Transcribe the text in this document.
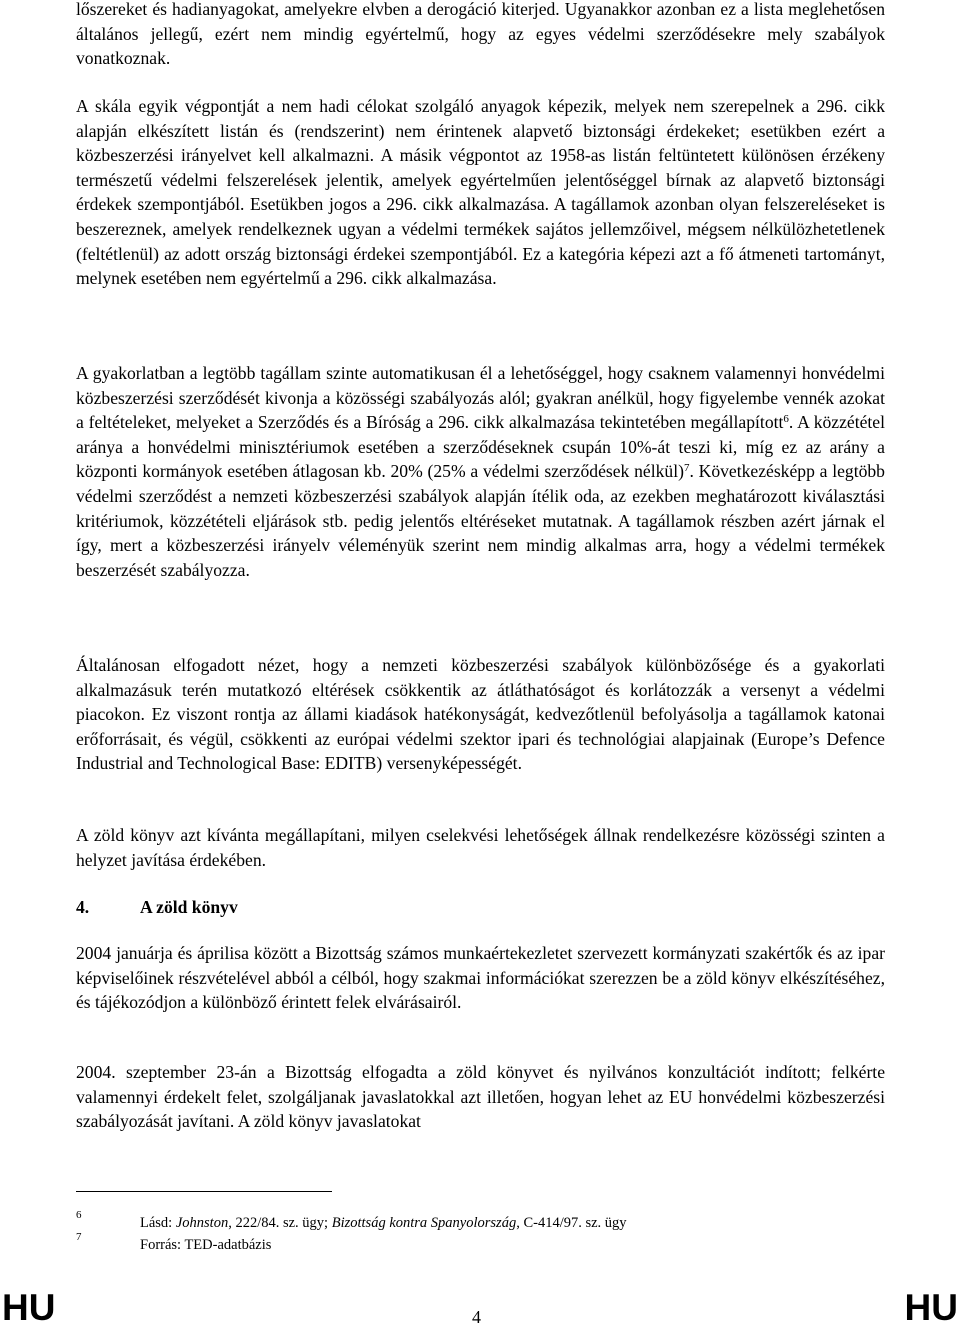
lőszereket és hadianyagokat, amelyekre elvben a derogáció kiterjed. Ugyanakkor azonban ez a lista meglehetősen általános jellegű, ezért nem mindig egyértelmű, hogy az egyes védelmi szerződésekre mely szabályok vonatkoznak.

A skála egyik végpontját a nem hadi célokat szolgáló anyagok képezik, melyek nem szerepelnek a 296. cikk alapján elkészített listán és (rendszerint) nem érintenek alapvető biztonsági érdekeket; esetükben ezért a közbeszerzési irányelvet kell alkalmazni. A másik végpontot az 1958-as listán feltüntetett különösen érzékeny természetű védelmi felszerelések jelentik, amelyek egyértelműen jelentőséggel bírnak az alapvető biztonsági érdekek szempontjából. Esetükben jogos a 296. cikk alkalmazása. A tagállamok azonban olyan felszereléseket is beszereznek, amelyek rendelkeznek ugyan a védelmi termékek sajátos jellemzőivel, mégsem nélkülözhetetlenek (feltétlenül) az adott ország biztonsági érdekei szempontjából. Ez a kategória képezi azt a fő átmeneti tartományt, melynek esetében nem egyértelmű a 296. cikk alkalmazása.

A gyakorlatban a legtöbb tagállam szinte automatikusan él a lehetőséggel, hogy csaknem valamennyi honvédelmi közbeszerzési szerződését kivonja a közösségi szabályozás alól; gyakran anélkül, hogy figyelembe vennék azokat a feltételeket, melyeket a Szerződés és a Bíróság a 296. cikk alkalmazása tekintetében megállapított$^6$. A közzététel aránya a honvédelmi minisztériumok esetében a szerződéseknek csupán 10%-át teszi ki, míg ez az arány a központi kormányok esetében átlagosan kb. 20% (25% a védelmi szerződések nélkül)$^7$. Következésképp a legtöbb védelmi szerződést a nemzeti közbeszerzési szabályok alapján ítélik oda, az ezekben meghatározott kiválasztási kritériumok, közzétételi eljárások stb. pedig jelentős eltéréseket mutatnak. A tagállamok részben azért járnak el így, mert a közbeszerzési irányelv véleményük szerint nem mindig alkalmas arra, hogy a védelmi termékek beszerzését szabályozza.

Általánosan elfogadott nézet, hogy a nemzeti közbeszerzési szabályok különbözősége és a gyakorlati alkalmazásuk terén mutatkozó eltérések csökkentik az átláthatóságot és korlátozzák a versenyt a védelmi piacokon. Ez viszont rontja az állami kiadások hatékonyságát, kedvezőtlenül befolyásolja a tagállamok katonai erőforrásait, és végül, csökkenti az európai védelmi szektor ipari és technológiai alapjainak (Europe’s Defence Industrial and Technological Base: EDITB) versenyképességét.

A zöld könyv azt kívánta megállapítani, milyen cselekvési lehetőségek állnak rendelkezésre közösségi szinten a helyzet javítása érdekében.

4.	A zöld könyv

2004 januárja és áprilisa között a Bizottság számos munkaértekezletet szervezett kormányzati szakértők és az ipar képviselőinek részvételével abból a célból, hogy szakmai információkat szerezzen be a zöld könyv elkészítéséhez, és tájékozódjon a különböző érintett felek elvárásairól.

2004. szeptember 23-án a Bizottság elfogadta a zöld könyvet és nyilvános konzultációt indított; felkérte valamennyi érdekelt felet, szolgáljanak javaslatokkal azt illetően, hogyan lehet az EU honvédelmi közbeszerzési szabályozását javítani. A zöld könyv javaslatokat

6	Lásd: Johnston, 222/84. sz. ügy; Bizottság kontra Spanyolország, C-414/97. sz. ügy
7	Forrás: TED-adatbázis
HU	4	HU
